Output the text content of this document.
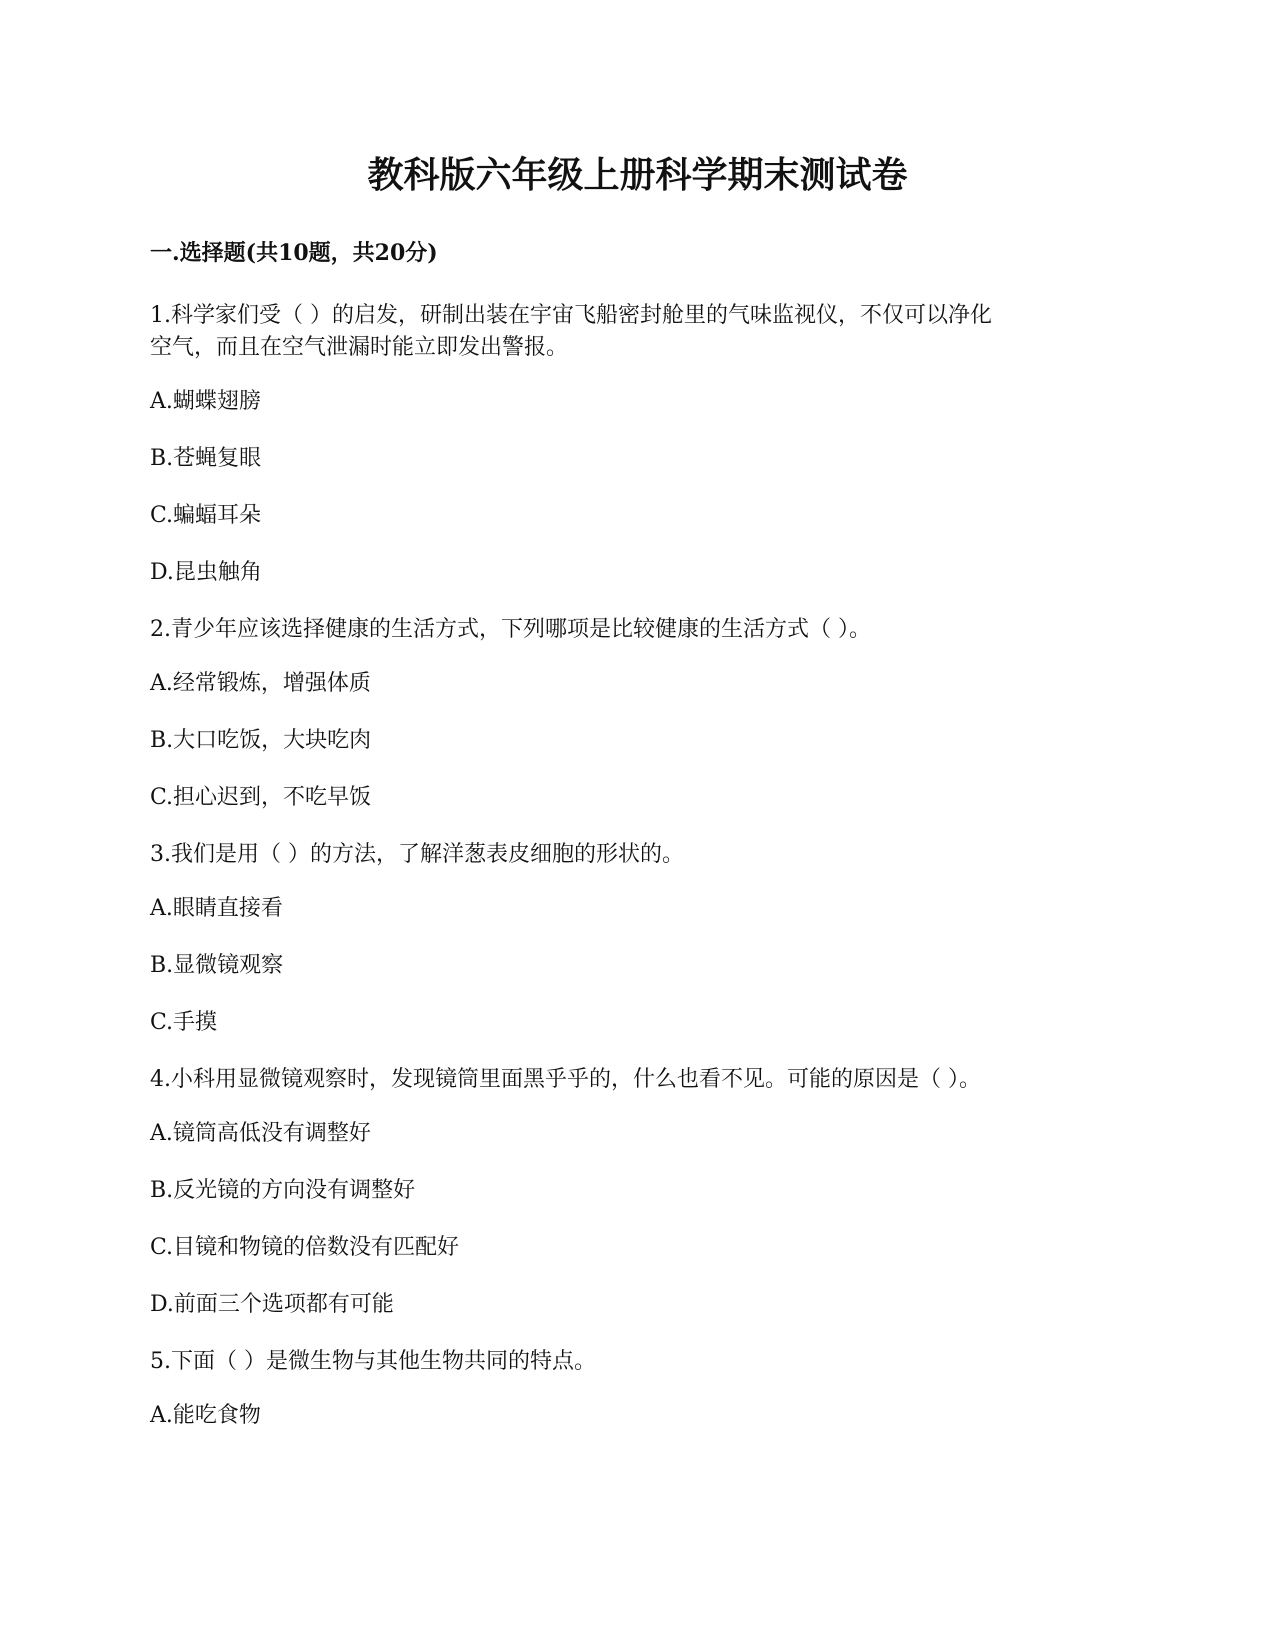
教科版六年级上册科学期末测试卷
一.选择题(共10题，共20分)
1.科学家们受（ ）的启发，研制出装在宇宙飞船密封舱里的气味监视仪，不仅可以净化
空气，而且在空气泄漏时能立即发出警报。
A.蝴蝶翅膀
B.苍蝇复眼
C.蝙蝠耳朵
D.昆虫触角
2.青少年应该选择健康的生活方式，下列哪项是比较健康的生活方式（ ）。
A.经常锻炼，增强体质
B.大口吃饭，大块吃肉
C.担心迟到，不吃早饭
3.我们是用（ ）的方法，了解洋葱表皮细胞的形状的。
A.眼睛直接看
B.显微镜观察
C.手摸
4.小科用显微镜观察时，发现镜筒里面黑乎乎的，什么也看不见。可能的原因是（ ）。
A.镜筒高低没有调整好
B.反光镜的方向没有调整好
C.目镜和物镜的倍数没有匹配好
D.前面三个选项都有可能
5.下面（ ）是微生物与其他生物共同的特点。
A.能吃食物
